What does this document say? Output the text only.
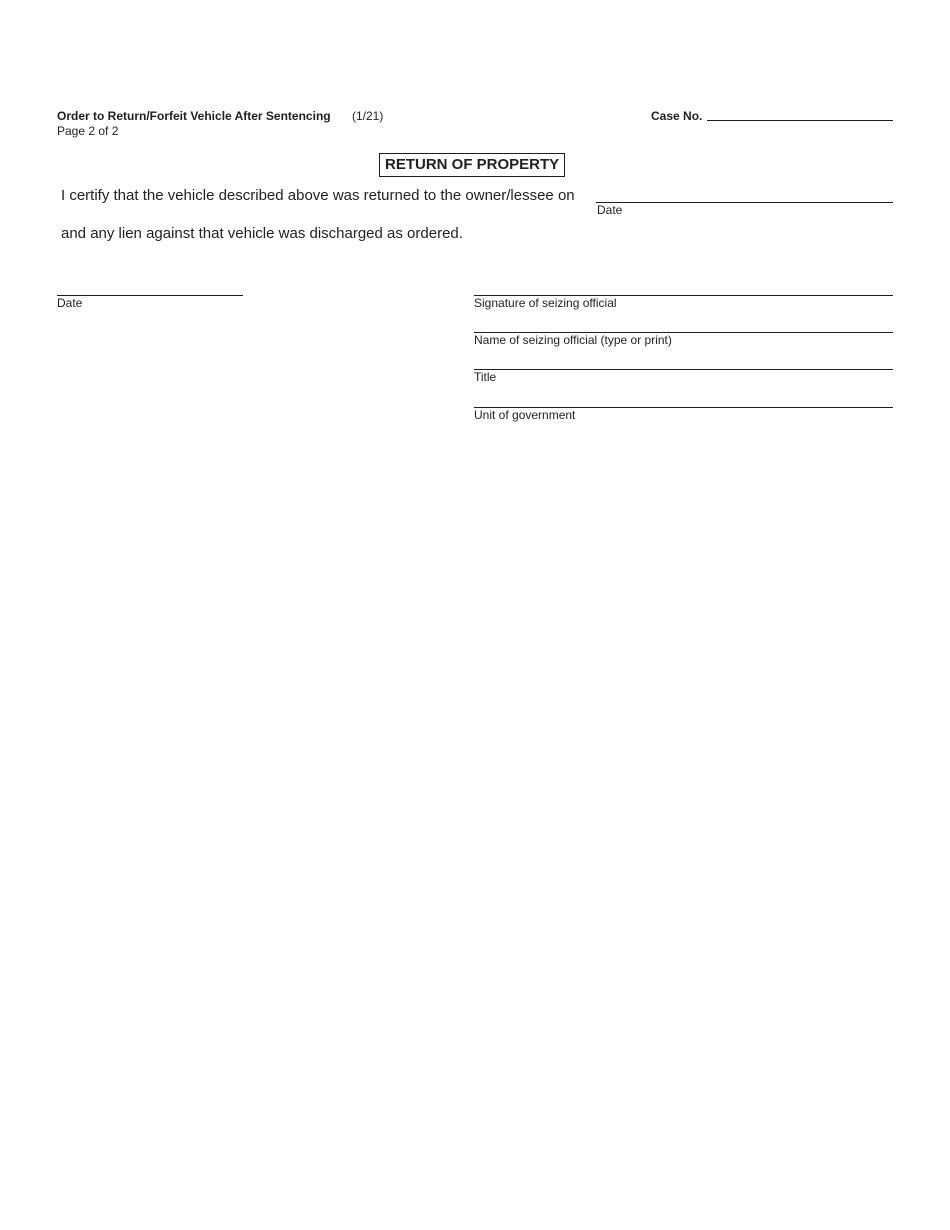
Order to Return/Forfeit Vehicle After Sentencing (1/21)
Page 2 of 2
Case No.
RETURN OF PROPERTY
I certify that the vehicle described above was returned to the owner/lessee on
Date
and any lien against that vehicle was discharged as ordered.
Date	Signature of seizing official
Name of seizing official (type or print)
Title
Unit of government
